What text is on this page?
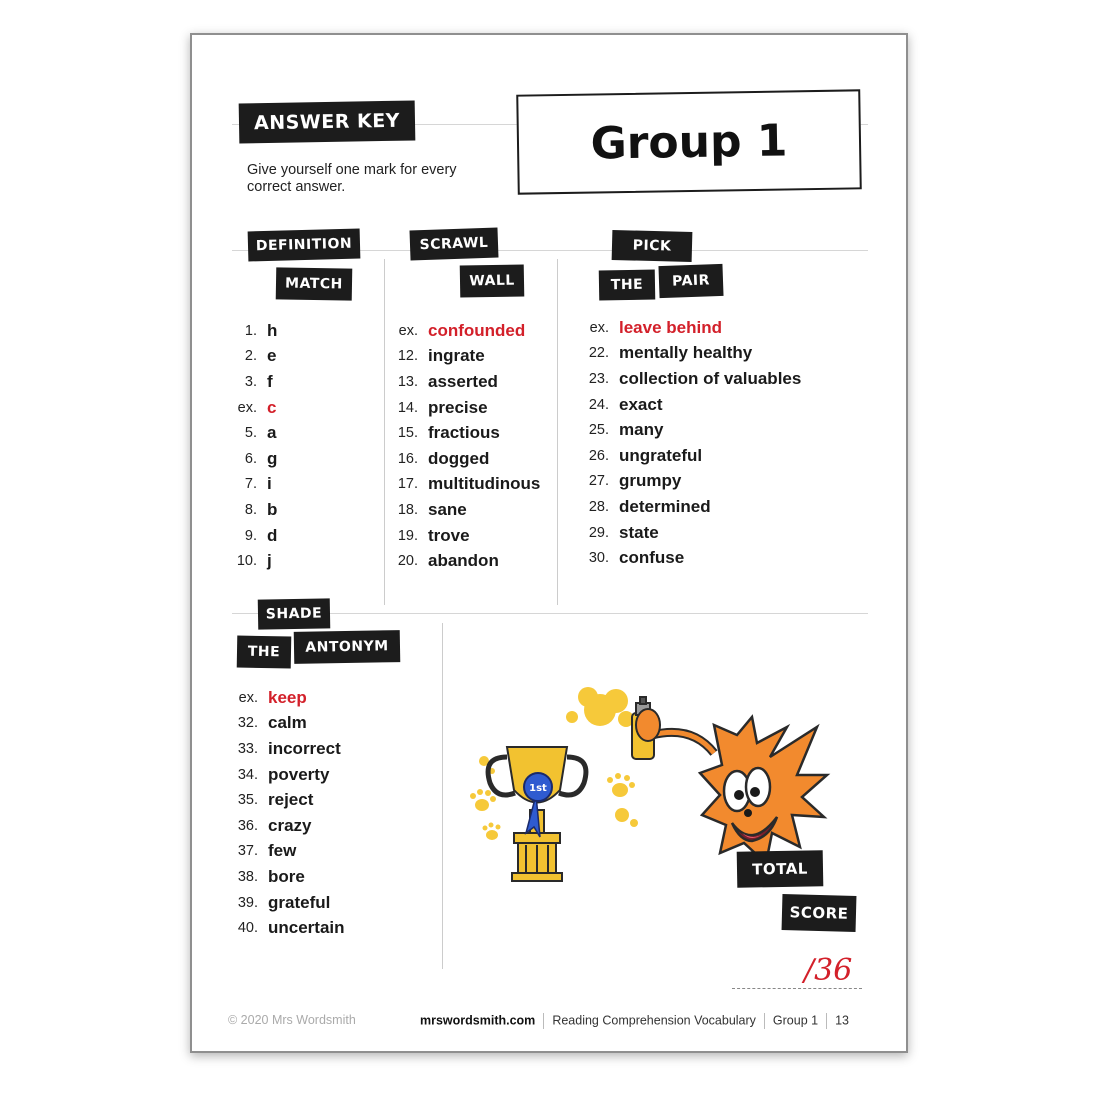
ANSWER KEY	Group 1
Give yourself one mark for every correct answer.
DEFINITION
MATCH
SCRAWL
WALL
PICK
THE	PAIR
SHADE
THE	ANTONYM
1. h
2. e
3. f
ex. c
5. a
6. g
7. i
8. b
9. d
10. j
ex. confounded
12. ingrate
13. asserted
14. precise
15. fractious
16. dogged
17. multitudinous
18. sane
19. trove
20. abandon
ex. leave behind
22. mentally healthy
23. collection of valuables
24. exact
25. many
26. ungrateful
27. grumpy
28. determined
29. state
30. confuse
ex. keep
32. calm
33. incorrect
34. poverty
35. reject
36. crazy
37. few
38. bore
39. grateful
40. uncertain
1st
TOTAL
SCORE
/36
© 2020 Mrs Wordsmith	mrswordsmith.com Reading Comprehension Vocabulary Group 1 13
